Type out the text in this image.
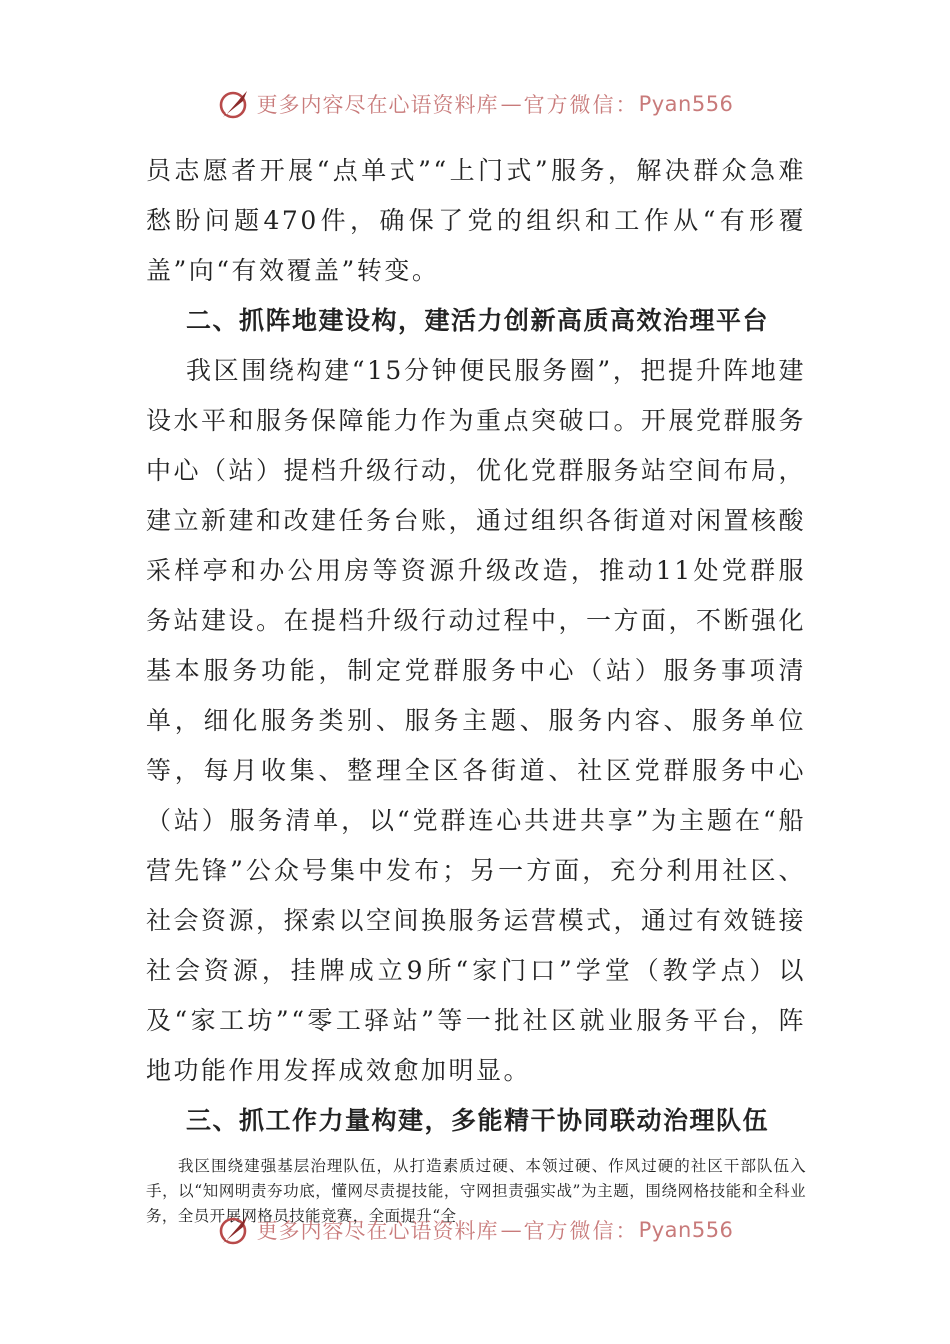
更多内容尽在心语资料库 — 官方微信： Pyan556

员志愿者开展“点单式”“上门式”服务，解决群众急难愁盼问题470件，确保了党的组织和工作从“有形覆盖”向“有效覆盖”转变。

二、抓阵地建设构，建活力创新高质高效治理平台

我区围绕构建“15分钟便民服务圈”，把提升阵地建设水平和服务保障能力作为重点突破口。开展党群服务中心（站）提档升级行动，优化党群服务站空间布局，建立新建和改建任务台账，通过组织各街道对闲置核酸采样亭和办公用房等资源升级改造，推动11处党群服务站建设。在提档升级行动过程中，一方面，不断强化基本服务功能，制定党群服务中心（站）服务事项清单，细化服务类别、服务主题、服务内容、服务单位等，每月收集、整理全区各街道、社区党群服务中心（站）服务清单，以“党群连心共进共享”为主题在“船营先锋”公众号集中发布；另一方面，充分利用社区、社会资源，探索以空间换服务运营模式，通过有效链接社会资源，挂牌成立9所“家门口”学堂（教学点）以及“家工坊”“零工驿站”等一批社区就业服务平台，阵地功能作用发挥成效愈加明显。

三、抓工作力量构建，多能精干协同联动治理队伍

我区围绕建强基层治理队伍，从打造素质过硬、本领过硬、作风过硬的社区干部队伍入手，以“知网明责夯功底，懂网尽责提技能，守网担责强实战”为主题，围绕网格技能和全科业务，全员开展网格员技能竞赛，全面提升“全

更多内容尽在心语资料库 — 官方微信： Pyan556
